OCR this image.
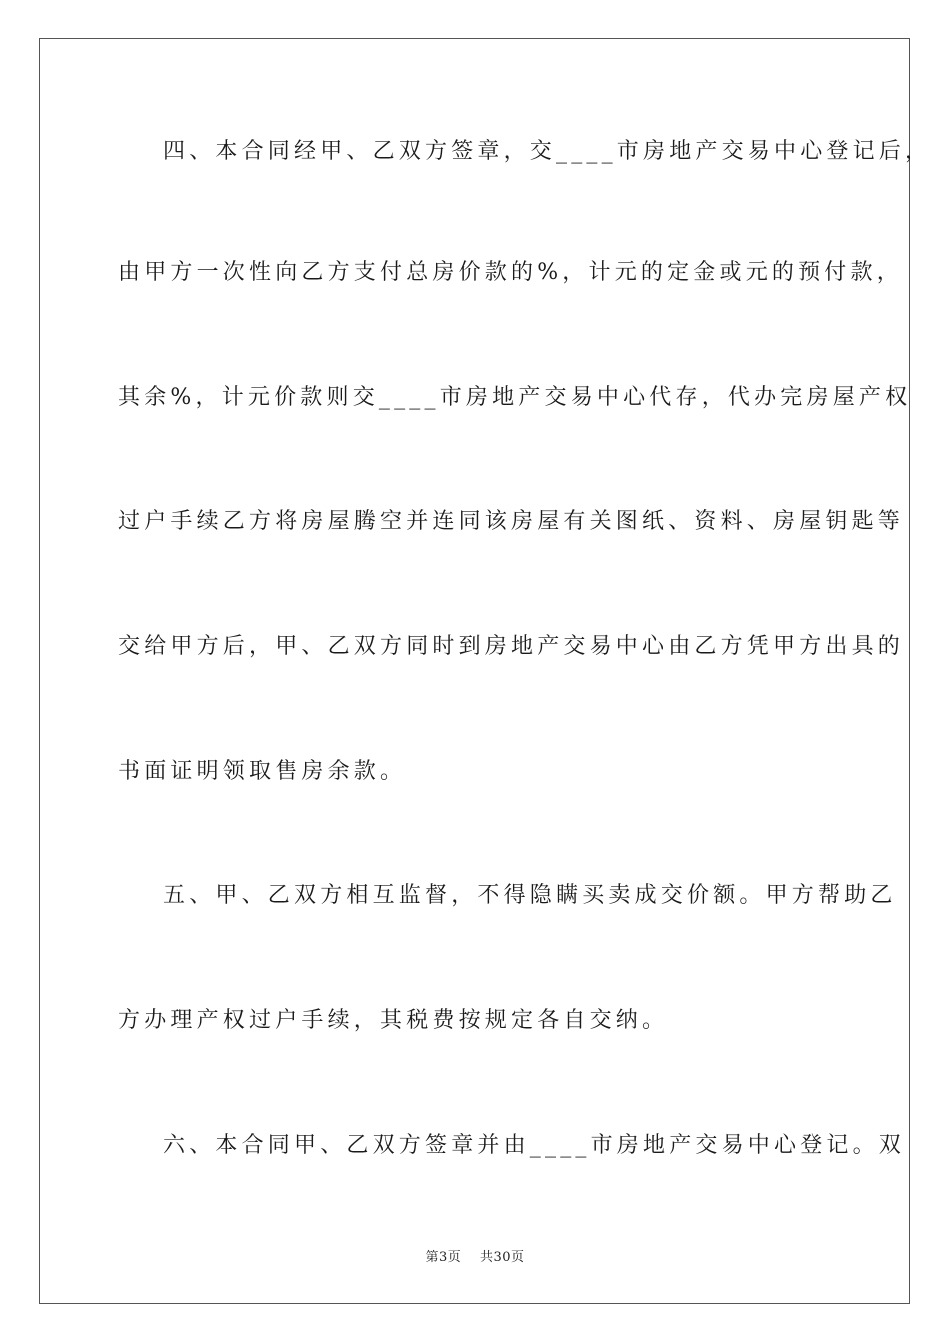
四、本合同经甲、乙双方签章，交____市房地产交易中心登记后，
由甲方一次性向乙方支付总房价款的%，计元的定金或元的预付款，
其余%，计元价款则交____市房地产交易中心代存，代办完房屋产权
过户手续乙方将房屋腾空并连同该房屋有关图纸、资料、房屋钥匙等
交给甲方后，甲、乙双方同时到房地产交易中心由乙方凭甲方出具的
书面证明领取售房余款。
五、甲、乙双方相互监督，不得隐瞒买卖成交价额。甲方帮助乙
方办理产权过户手续，其税费按规定各自交纳。
六、本合同甲、乙双方签章并由____市房地产交易中心登记。双
第3页 共30页
